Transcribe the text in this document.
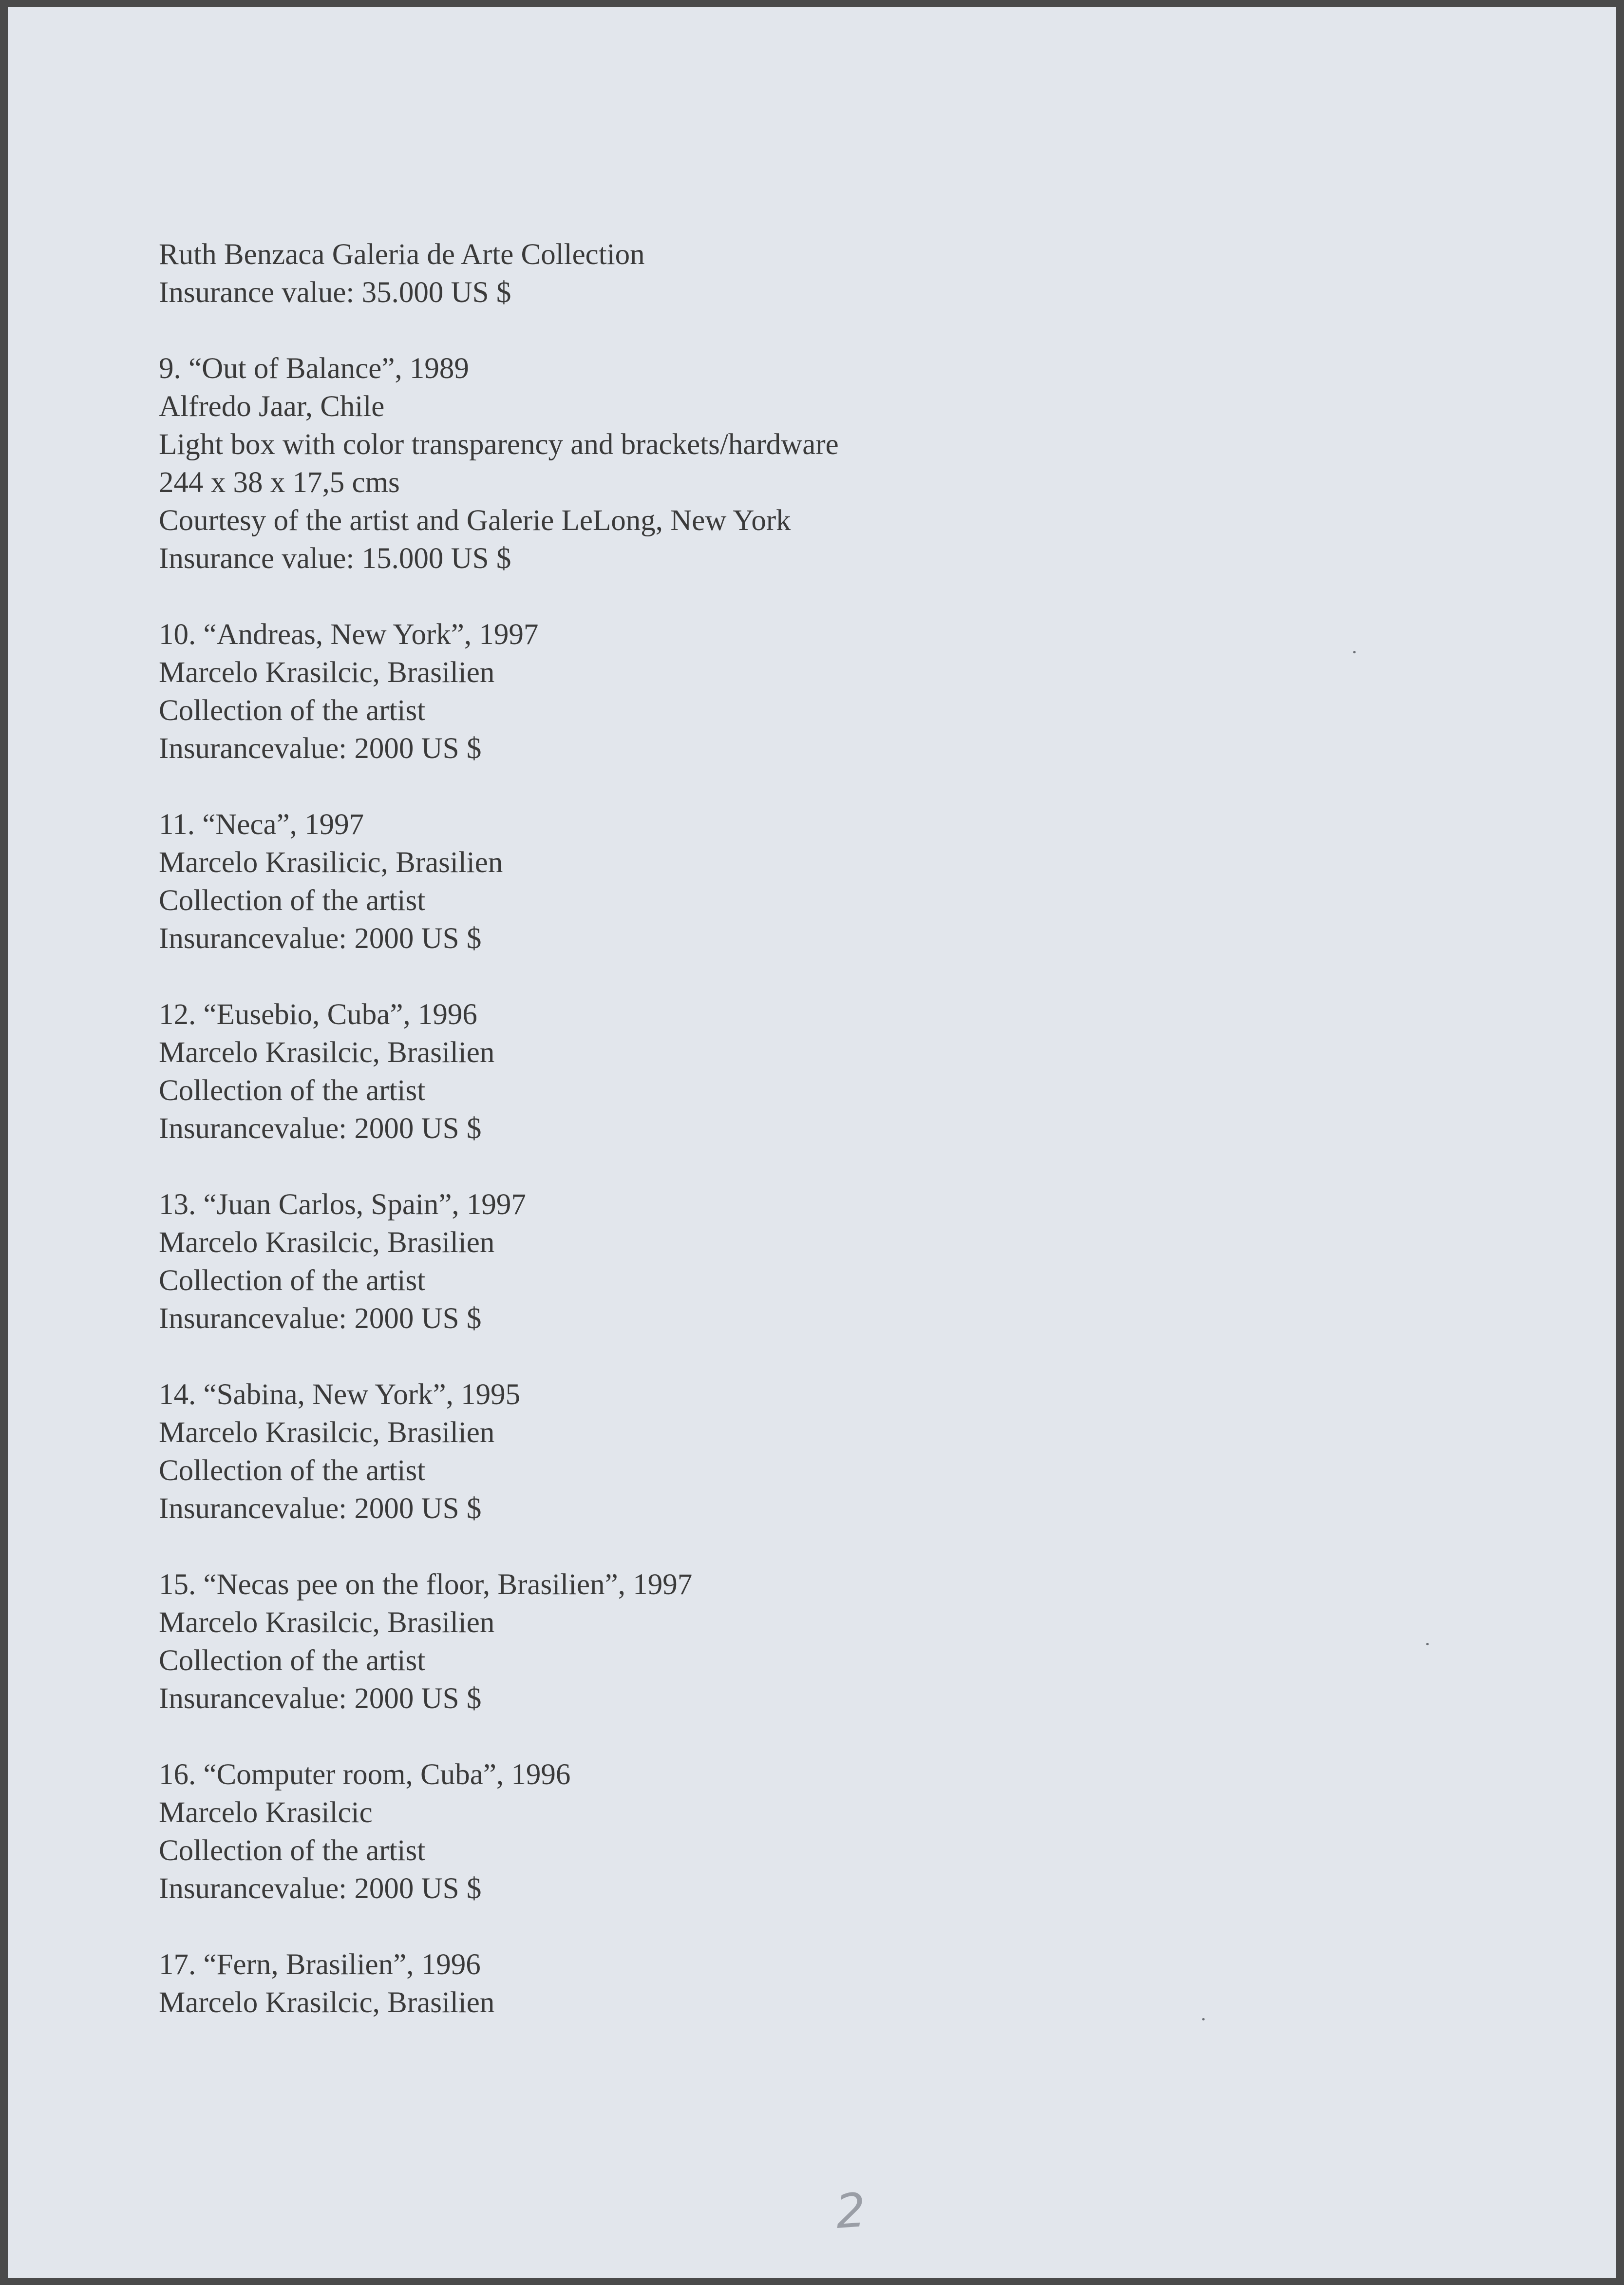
Ruth Benzaca Galeria de Arte Collection
Insurance value: 35.000 US $
9. “Out of Balance”, 1989
Alfredo Jaar, Chile
Light box with color transparency and brackets/hardware
244 x 38 x 17,5 cms
Courtesy of the artist and Galerie LeLong, New York
Insurance value: 15.000 US $
10. “Andreas, New York”, 1997
Marcelo Krasilcic, Brasilien
Collection of the artist
Insurancevalue: 2000 US $
11. “Neca”, 1997
Marcelo Krasilicic, Brasilien
Collection of the artist
Insurancevalue: 2000 US $
12. “Eusebio, Cuba”, 1996
Marcelo Krasilcic, Brasilien
Collection of the artist
Insurancevalue: 2000 US $
13. “Juan Carlos, Spain”, 1997
Marcelo Krasilcic, Brasilien
Collection of the artist
Insurancevalue: 2000 US $
14. “Sabina, New York”, 1995
Marcelo Krasilcic, Brasilien
Collection of the artist
Insurancevalue: 2000 US $
15. “Necas pee on the floor, Brasilien”, 1997
Marcelo Krasilcic, Brasilien
Collection of the artist
Insurancevalue: 2000 US $
16. “Computer room, Cuba”, 1996
Marcelo Krasilcic
Collection of the artist
Insurancevalue: 2000 US $
17. “Fern, Brasilien”, 1996
Marcelo Krasilcic, Brasilien
2
